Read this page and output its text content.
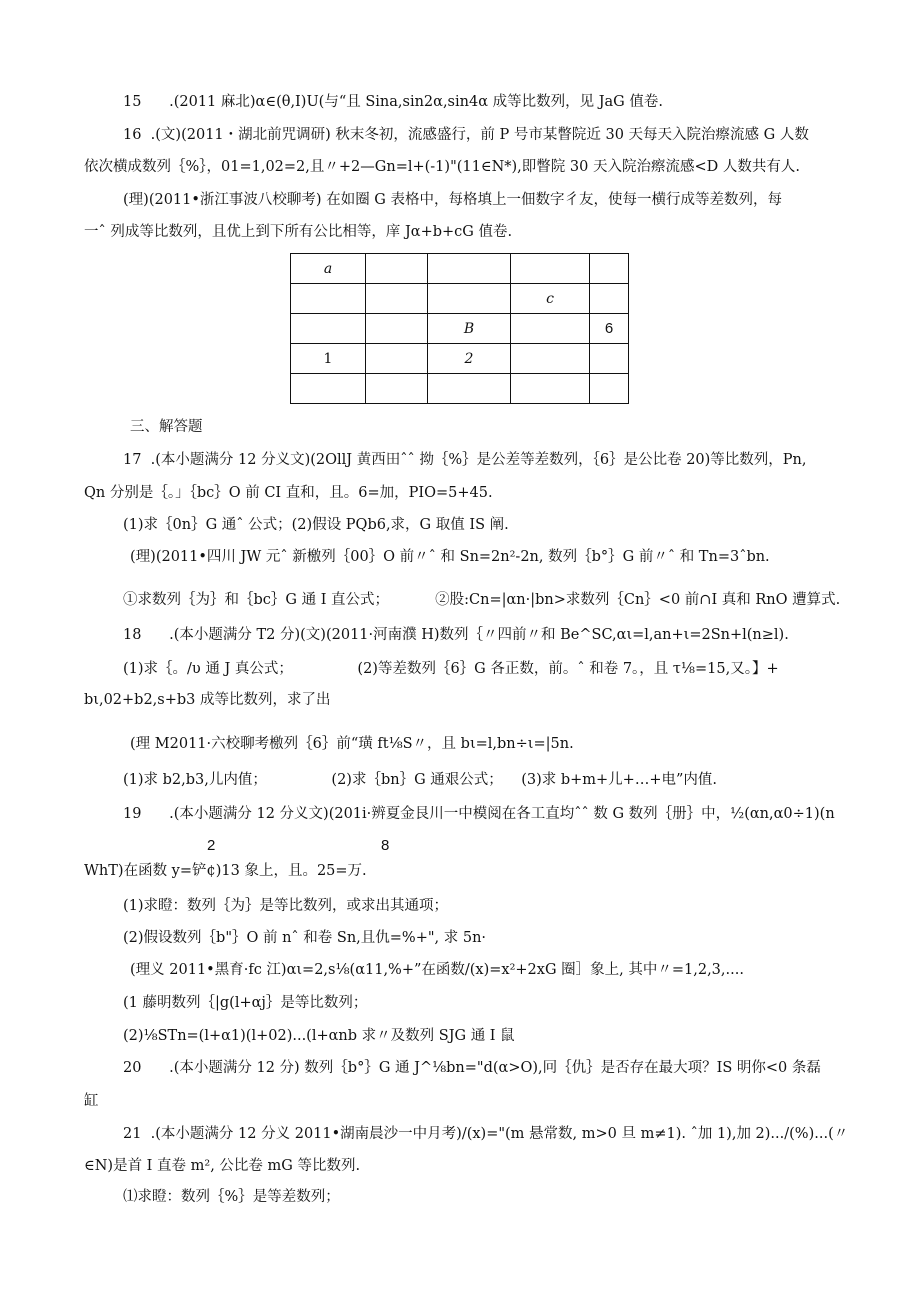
15      .(2011 麻北)α∈(θ,I)U(与“且 Sina,sin2α,sin4α 成等比数列，见 JaG 值卷.
16  .(文)(2011・湖北前咒调研) 秋末冬初，流感盛行，前 P 号市某瞥院近 30 天每天入院治瘵流感 G 人数
依次横成数列｛%｝，01=1,02=2,且〃+2—Gn=l+(-1)"(11∈N*),即瞥院 30 天入院治瘵流感<D 人数共有人.
(理)(2011•浙江事波八校聊考) 在如圈 G 表格中，每格填上一佃数字彳友，使每一横行成等差数列，每
一ˆ 列成等比数列，且优上到下所有公比相等，庠 Jα+b+cG 值卷.
a				
			c	
		B		6
1		2		

三、解答题
17  .(本小题满分 12 分义文)(2OllJ 黄西田ˆˆ 拗｛%｝是公差等差数列，｛6｝是公比卷 20)等比数列，Pn,
Qn 分别是｛。」｛bc｝O 前 CI 直和，且。6=加，PIO=5+45.
(1)求｛0n｝G 通ˆ 公式；(2)假设 PQb6,求，G 取值 IS 阐.
(理)(2011•四川 JW 元ˆ 新檄列｛00｝O 前〃ˆ 和 Sn=2n²-2n, 数列｛b°｝G 前〃ˆ 和 Tn=3ˆbn.
①求数列｛为｝和｛bc｝G 通 I 直公式；          ②股:Cn=|αn·|bn>求数列｛Cn｝<0 前∩I 真和 RnO 遭算式.
18      .(本小题满分 T2 分)(文)(2011·河南濮 H)数列｛〃四前〃和 Be^SC,αι=l,an+ι=2Sn+l(n≥l).
(1)求｛。/υ 通 J 真公式；              (2)等差数列｛6｝G 各正数，前。ˆ 和卷 7。，且 τ⅛=15,又。】+
bι,02+b2,s+b3 成等比数列，求了出
(理 M2011·六校聊考檄列｛6｝前“璜 ft⅛S〃，且 bι=l,bn÷ι=|5n.
(1)求 b2,b3,儿内值；              (2)求｛bn｝G 通艰公式；    (3)求 b+m+儿+…+电”内值.
19      .(本小题满分 12 分义文)(201i·辨夏金艮川一中模阅在各工直均ˆˆ 数 G 数列｛册｝中，½(αn,α0÷1)(n
2	8
WhT)在函数 y=铲¢)13 象上，且。25=万.
(1)求瞪：数列｛为｝是等比数列，或求出其通项；
(2)假设数列｛b"｝O 前 nˆ 和卷 Sn,且仇=%+", 求 5n·
(理义 2011•黑育·fc 江)αι=2,s⅛(α11,%+”在函数/(x)=x²+2xG 圈］象上, 其中〃=1,2,3,....
(1 藤明数列｛|g(l+αj｝是等比数列；
(2)⅛STn=(l+α1)(l+02)...(l+αnb 求〃及数列 SJG 通 I 鼠
20      .(本小题满分 12 分) 数列｛b°｝G 通 J^⅛bn="d(α>O),冋｛仇｝是否存在最大项？IS 明你<0 条磊
缸
21  .(本小题满分 12 分义 2011•湖南晨沙一中月考)/(x)="(m 悬常数, m>0 旦 m≠1). ˆ加 1),加 2).../(%)...(〃
∈N)是首 I 直卷 m², 公比卷 mG 等比数列.
⑴求瞪：数列｛%｝是等差数列；
